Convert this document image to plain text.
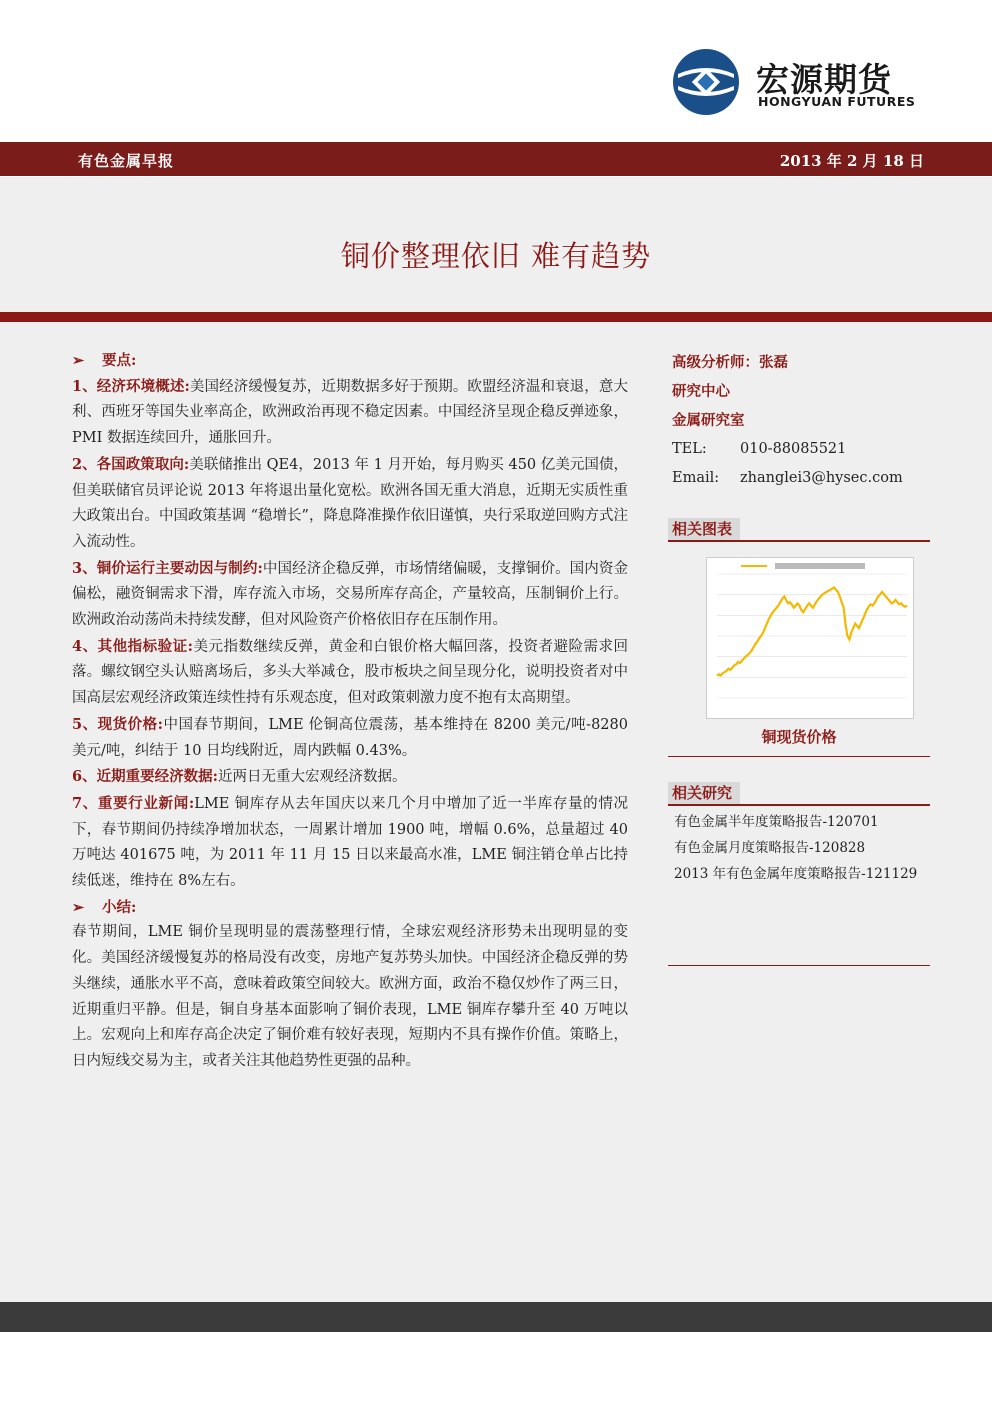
宏源期货
HONGYUAN FUTURES
有色金属早报	2013 年 2 月 18 日
铜价整理依旧 难有趋势

➢ 要点:

1、经济环境概述:美国经济缓慢复苏，近期数据多好于预期。欧盟经济温和衰退，意大利、西班牙等国失业率高企，欧洲政治再现不稳定因素。中国经济呈现企稳反弹迹象，PMI 数据连续回升，通胀回升。

2、各国政策取向:美联储推出 QE4，2013 年 1 月开始，每月购买 450 亿美元国债，但美联储官员评论说 2013 年将退出量化宽松。欧洲各国无重大消息，近期无实质性重大政策出台。中国政策基调 “稳增长”，降息降准操作依旧谨慎，央行采取逆回购方式注入流动性。

3、铜价运行主要动因与制约:中国经济企稳反弹，市场情绪偏暖，支撑铜价。国内资金偏松，融资铜需求下滑，库存流入市场，交易所库存高企，产量较高，压制铜价上行。欧洲政治动荡尚未持续发酵，但对风险资产价格依旧存在压制作用。

4、其他指标验证:美元指数继续反弹，黄金和白银价格大幅回落，投资者避险需求回落。螺纹钢空头认赔离场后，多头大举减仓，股市板块之间呈现分化，说明投资者对中国高层宏观经济政策连续性持有乐观态度，但对政策刺激力度不抱有太高期望。

5、现货价格:中国春节期间，LME 伦铜高位震荡，基本维持在 8200 美元/吨-8280 美元/吨，纠结于 10 日均线附近，周内跌幅 0.43%。

6、近期重要经济数据:近两日无重大宏观经济数据。

7、重要行业新闻:LME 铜库存从去年国庆以来几个月中增加了近一半库存量的情况下，春节期间仍持续净增加状态，一周累计增加 1900 吨，增幅 0.6%，总量超过 40 万吨达 401675 吨，为 2011 年 11 月 15 日以来最高水准，LME 铜注销仓单占比持续低迷，维持在 8%左右。

➢ 小结:

春节期间，LME 铜价呈现明显的震荡整理行情，全球宏观经济形势未出现明显的变化。美国经济缓慢复苏的格局没有改变，房地产复苏势头加快。中国经济企稳反弹的势头继续，通胀水平不高，意味着政策空间较大。欧洲方面，政治不稳仅炒作了两三日，近期重归平静。但是，铜自身基本面影响了铜价表现，LME 铜库存攀升至 40 万吨以上。宏观向上和库存高企决定了铜价难有较好表现，短期内不具有操作价值。策略上，日内短线交易为主，或者关注其他趋势性更强的品种。

高级分析师：张磊
研究中心
金属研究室
TEL: 010-88085521
Email: zhanglei3@hysec.com
相关图表
铜现货价格
相关研究
有色金属半年度策略报告-120701
有色金属月度策略报告-120828
2013 年有色金属年度策略报告-121129
